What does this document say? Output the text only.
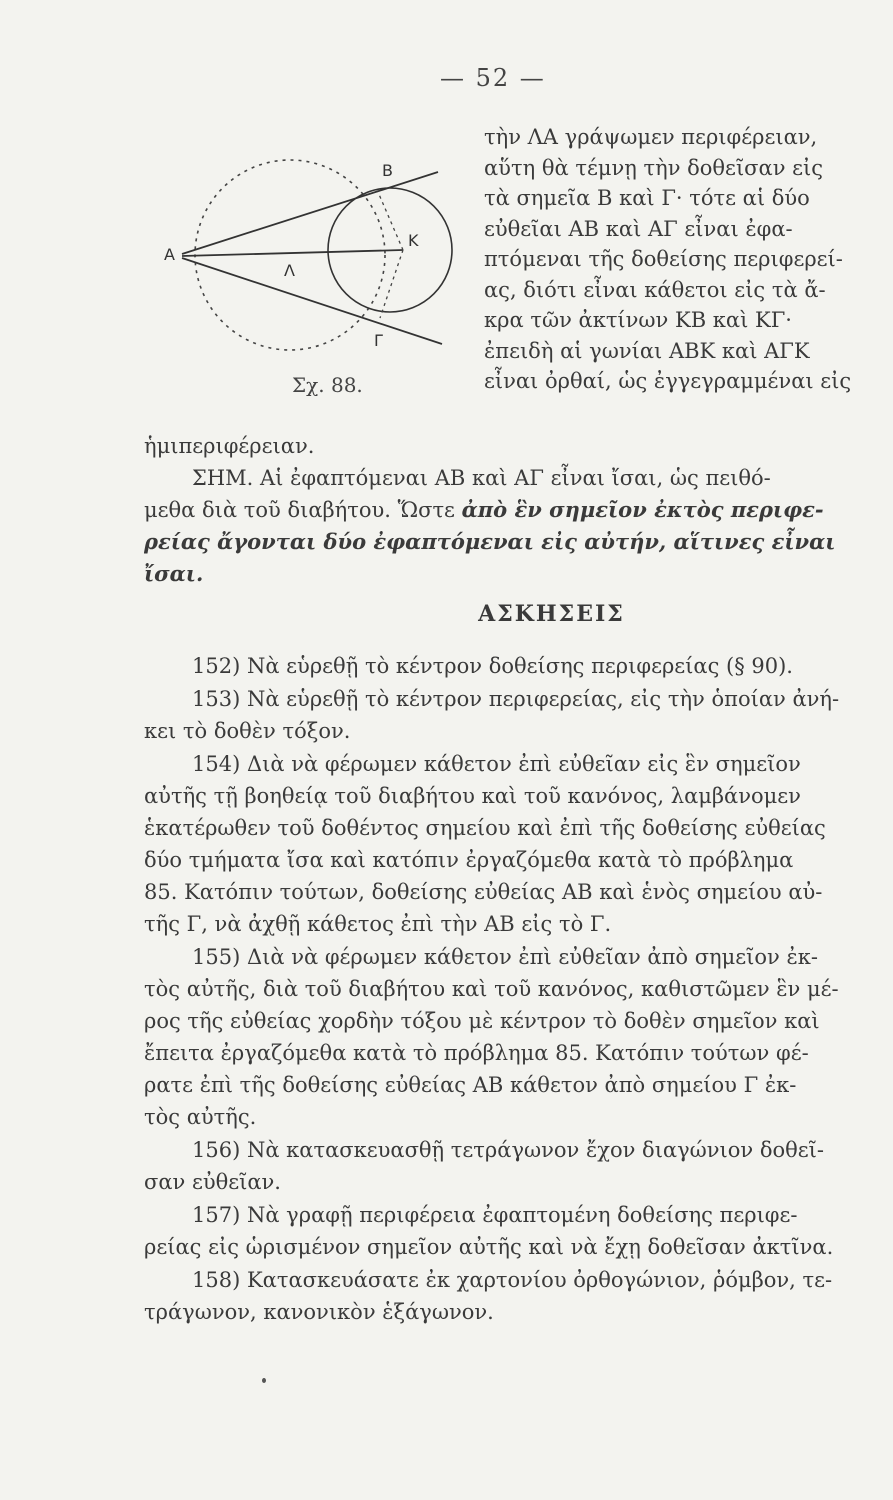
— 52 —
Α
Β
Κ
Λ
Γ
Σχ. 88.
τὴν ΛΑ γράψωμεν περιφέρειαν,
αὕτη θὰ τέμνῃ τὴν δοθεῖσαν εἰς
τὰ σημεῖα Β καὶ Γ· τότε αἱ δύο
εὐθεῖαι ΑΒ καὶ ΑΓ εἶναι ἐφα-
πτόμεναι τῆς δοθείσης περιφερεί-
ας, διότι εἶναι κάθετοι εἰς τὰ ἄ-
κρα τῶν ἀκτίνων ΚΒ καὶ ΚΓ·
ἐπειδὴ αἱ γωνίαι ΑΒΚ καὶ ΑΓΚ
εἶναι ὀρθαί, ὡς ἐγγεγραμμέναι εἰς
ἡμιπεριφέρειαν.
ΣΗΜ. Αἱ ἐφαπτόμεναι ΑΒ καὶ ΑΓ εἶναι ἴσαι, ὡς πειθό-
μεθα διὰ τοῦ διαβήτου. Ὥστε ἀπὸ ἓν σημεῖον ἐκτὸς περιφε-
ρείας ἄγονται δύο ἐφαπτόμεναι εἰς αὐτήν, αἵτινες εἶναι
ἴσαι.
ΑΣΚΗΣΕΙΣ
152) Νὰ εὑρεθῇ τὸ κέντρον δοθείσης περιφερείας (§ 90).
153) Νὰ εὑρεθῇ τὸ κέντρον περιφερείας, εἰς τὴν ὁποίαν ἀνή-
κει τὸ δοθὲν τόξον.
154) Διὰ νὰ φέρωμεν κάθετον ἐπὶ εὐθεῖαν εἰς ἓν σημεῖον
αὐτῆς τῇ βοηθείᾳ τοῦ διαβήτου καὶ τοῦ κανόνος, λαμβάνομεν
ἑκατέρωθεν τοῦ δοθέντος σημείου καὶ ἐπὶ τῆς δοθείσης εὐθείας
δύο τμήματα ἴσα καὶ κατόπιν ἐργαζόμεθα κατὰ τὸ πρόβλημα
85. Κατόπιν τούτων, δοθείσης εὐθείας ΑΒ καὶ ἑνὸς σημείου αὐ-
τῆς Γ, νὰ ἀχθῇ κάθετος ἐπὶ τὴν ΑΒ εἰς τὸ Γ.
155) Διὰ νὰ φέρωμεν κάθετον ἐπὶ εὐθεῖαν ἀπὸ σημεῖον ἐκ-
τὸς αὐτῆς, διὰ τοῦ διαβήτου καὶ τοῦ κανόνος, καθιστῶμεν ἓν μέ-
ρος τῆς εὐθείας χορδὴν τόξου μὲ κέντρον τὸ δοθὲν σημεῖον καὶ
ἔπειτα ἐργαζόμεθα κατὰ τὸ πρόβλημα 85. Κατόπιν τούτων φέ-
ρατε ἐπὶ τῆς δοθείσης εὐθείας ΑΒ κάθετον ἀπὸ σημείου Γ ἐκ-
τὸς αὐτῆς.
156) Νὰ κατασκευασθῇ τετράγωνον ἔχον διαγώνιον δοθεῖ-
σαν εὐθεῖαν.
157) Νὰ γραφῇ περιφέρεια ἐφαπτομένη δοθείσης περιφε-
ρείας εἰς ὡρισμένον σημεῖον αὐτῆς καὶ νὰ ἔχῃ δοθεῖσαν ἀκτῖνα.
158) Κατασκευάσατε ἐκ χαρτονίου ὀρθογώνιον, ῥόμβον, τε-
τράγωνον, κανονικὸν ἑξάγωνον.
